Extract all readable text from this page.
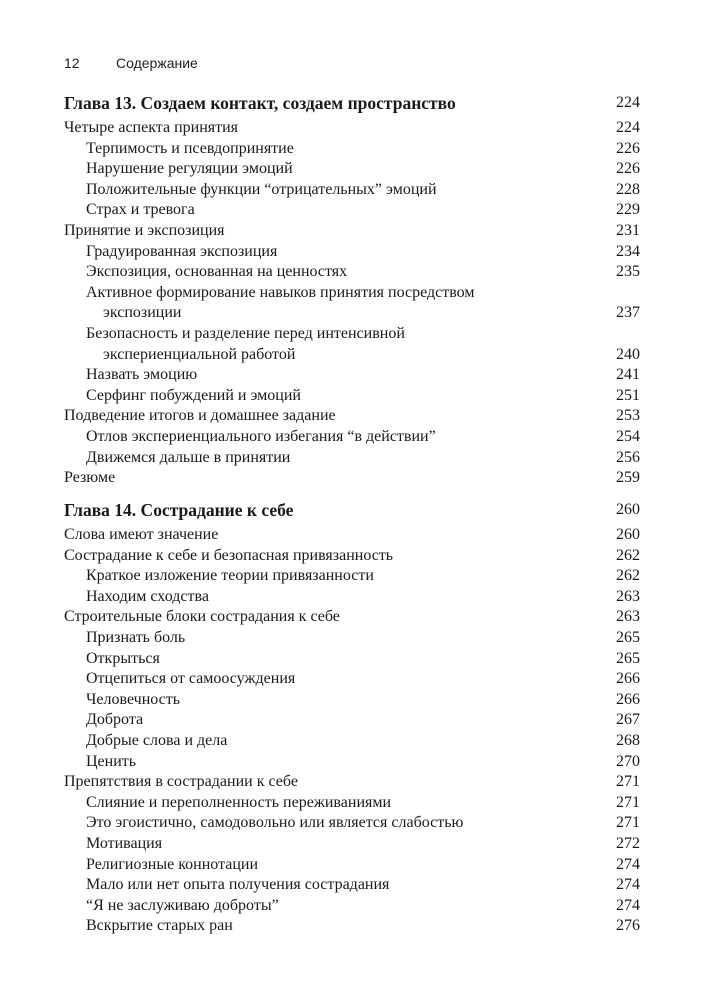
12	Содержание
Глава 13. Создаем контакт, создаем пространство	224
Четыре аспекта принятия	224
Терпимость и псевдопринятие	226
Нарушение регуляции эмоций	226
Положительные функции “отрицательных” эмоций	228
Страх и тревога	229
Принятие и экспозиция	231
Градуированная экспозиция	234
Экспозиция, основанная на ценностях	235
Активное формирование навыков принятия посредством
экспозиции	237
Безопасность и разделение перед интенсивной
экспериенциальной работой	240
Назвать эмоцию	241
Серфинг побуждений и эмоций	251
Подведение итогов и домашнее задание	253
Отлов экспериенциального избегания “в действии”	254
Движемся дальше в принятии	256
Резюме	259
Глава 14. Сострадание к себе	260
Слова имеют значение	260
Сострадание к себе и безопасная привязанность	262
Краткое изложение теории привязанности	262
Находим сходства	263
Строительные блоки сострадания к себе	263
Признать боль	265
Открыться	265
Отцепиться от самоосуждения	266
Человечность	266
Доброта	267
Добрые слова и дела	268
Ценить	270
Препятствия в сострадании к себе	271
Слияние и переполненность переживаниями	271
Это эгоистично, самодовольно или является слабостью	271
Мотивация	272
Религиозные коннотации	274
Мало или нет опыта получения сострадания	274
“Я не заслуживаю доброты”	274
Вскрытие старых ран	276
